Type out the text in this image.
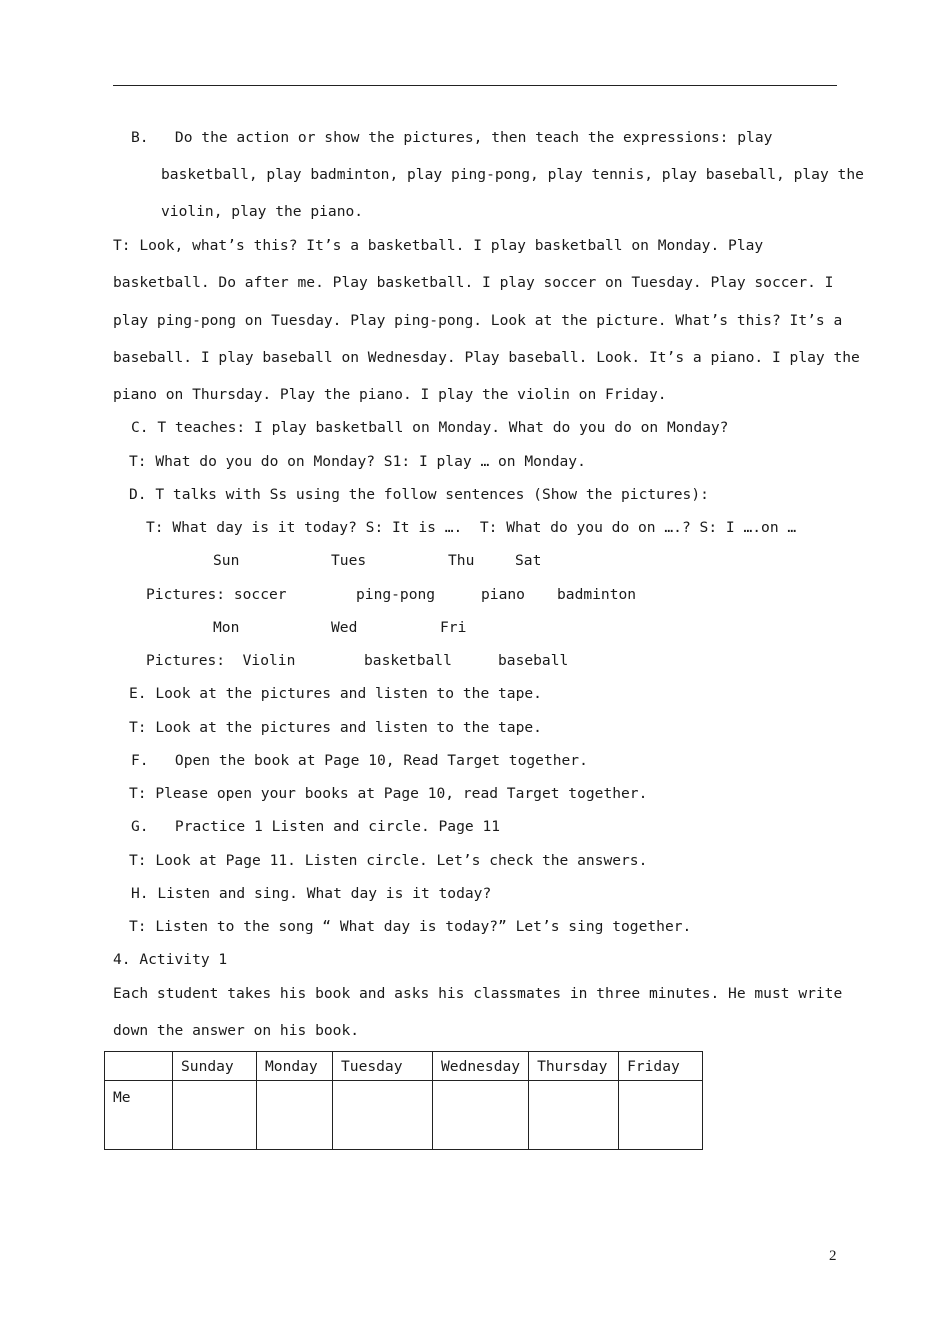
B.   Do the action or show the pictures, then teach the expressions: play
basketball, play badminton, play ping-pong, play tennis, play baseball, play the
violin, play the piano.
T: Look, what’s this? It’s a basketball. I play basketball on Monday. Play
basketball. Do after me. Play basketball. I play soccer on Tuesday. Play soccer. I
play ping-pong on Tuesday. Play ping-pong. Look at the picture. What’s this? It’s a
baseball. I play baseball on Wednesday. Play baseball. Look. It’s a piano. I play the
piano on Thursday. Play the piano. I play the violin on Friday.
C. T teaches: I play basketball on Monday. What do you do on Monday?
T: What do you do on Monday? S1: I play … on Monday.
D. T talks with Ss using the follow sentences (Show the pictures):
T: What day is it today? S: It is ….  T: What do you do on ….? S: I ….on …
Sun	Tues	Thu	Sat
Pictures: soccer	ping-pong	piano badminton
Mon	Wed	Fri
Pictures:  Violin	basketball	baseball
E. Look at the pictures and listen to the tape.
T: Look at the pictures and listen to the tape.
F.   Open the book at Page 10, Read Target together.
T: Please open your books at Page 10, read Target together.
G.   Practice 1 Listen and circle. Page 11
T: Look at Page 11. Listen circle. Let’s check the answers.
H. Listen and sing. What day is it today?
T: Listen to the song “ What day is today?” Let’s sing together.
4. Activity 1
Each student takes his book and asks his classmates in three minutes. He must write
down the answer on his book.
	Sunday	Monday	Tuesday	Wednesday	Thursday	Friday
Me						
2
